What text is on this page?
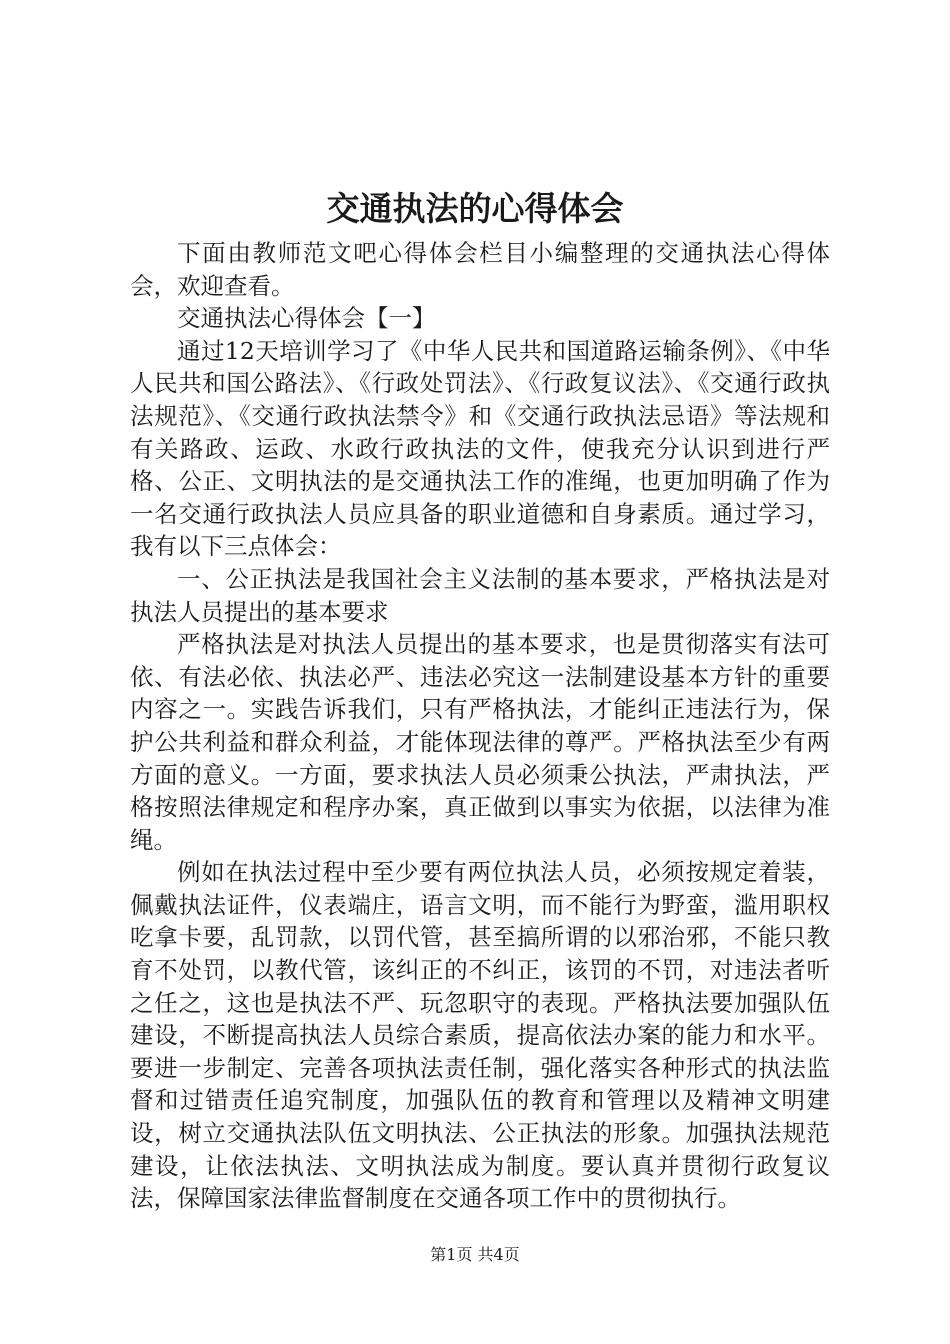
交通执法的心得体会

下面由教师范文吧心得体会栏目小编整理的交通执法心得体会，欢迎查看。

交通执法心得体会【一】

通过12天培训学习了《中华人民共和国道路运输条例》、《中华人民共和国公路法》、《行政处罚法》、《行政复议法》、《交通行政执法规范》、《交通行政执法禁令》和《交通行政执法忌语》等法规和有关路政、运政、水政行政执法的文件，使我充分认识到进行严格、公正、文明执法的是交通执法工作的准绳，也更加明确了作为一名交通行政执法人员应具备的职业道德和自身素质。通过学习，我有以下三点体会：

一、公正执法是我国社会主义法制的基本要求，严格执法是对执法人员提出的基本要求

严格执法是对执法人员提出的基本要求，也是贯彻落实有法可依、有法必依、执法必严、违法必究这一法制建设基本方针的重要内容之一。实践告诉我们，只有严格执法，才能纠正违法行为，保护公共利益和群众利益，才能体现法律的尊严。严格执法至少有两方面的意义。一方面，要求执法人员必须秉公执法，严肃执法，严格按照法律规定和程序办案，真正做到以事实为依据，以法律为准绳。

例如在执法过程中至少要有两位执法人员，必须按规定着装，佩戴执法证件，仪表端庄，语言文明，而不能行为野蛮，滥用职权吃拿卡要，乱罚款，以罚代管，甚至搞所谓的以邪治邪，不能只教育不处罚，以教代管，该纠正的不纠正，该罚的不罚，对违法者听之任之，这也是执法不严、玩忽职守的表现。严格执法要加强队伍建设，不断提高执法人员综合素质，提高依法办案的能力和水平。要进一步制定、完善各项执法责任制，强化落实各种形式的执法监督和过错责任追究制度，加强队伍的教育和管理以及精神文明建设，树立交通执法队伍文明执法、公正执法的形象。加强执法规范建设，让依法执法、文明执法成为制度。要认真并贯彻行政复议法，保障国家法律监督制度在交通各项工作中的贯彻执行。

第1页 共4页
